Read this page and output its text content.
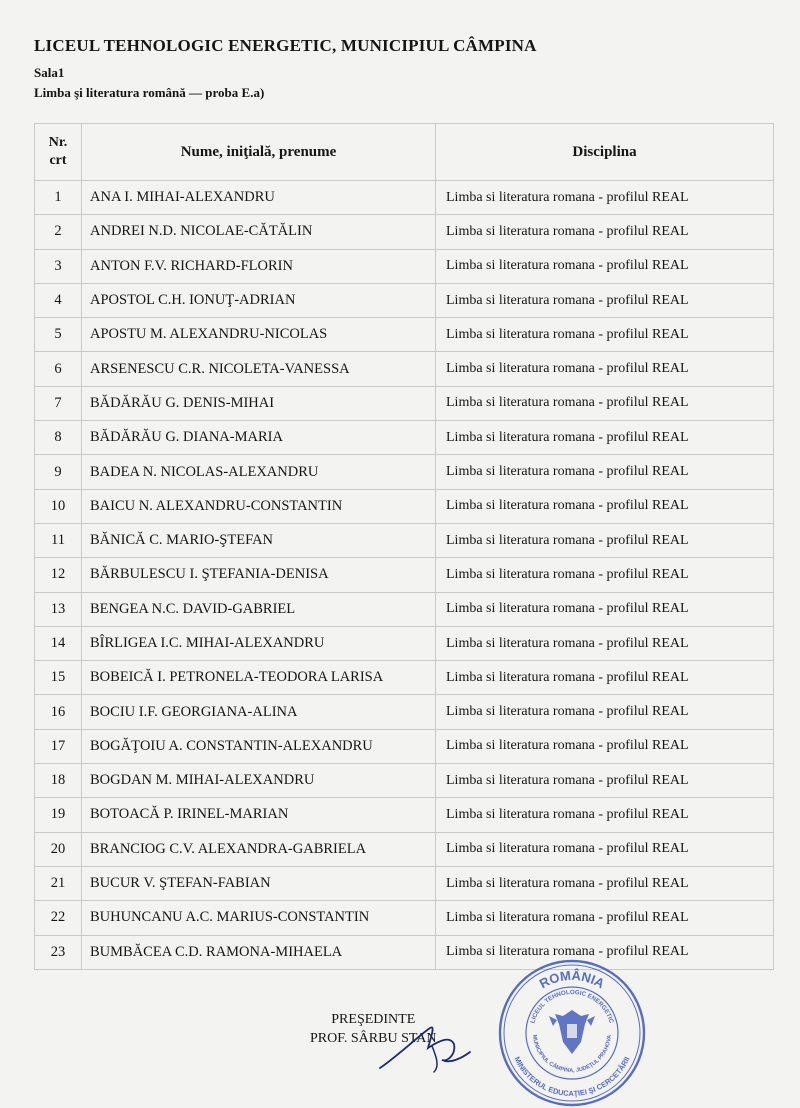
LICEUL TEHNOLOGIC ENERGETIC, MUNICIPIUL CÂMPINA
Sala1
Limba şi literatura română — proba E.a)
Nr.
crt	Nume, iniţială, prenume	Disciplina
1	ANA I. MIHAI-ALEXANDRU	Limba si literatura romana - profilul REAL
2	ANDREI N.D. NICOLAE-CĂTĂLIN	Limba si literatura romana - profilul REAL
3	ANTON F.V. RICHARD-FLORIN	Limba si literatura romana - profilul REAL
4	APOSTOL C.H. IONUŢ-ADRIAN	Limba si literatura romana - profilul REAL
5	APOSTU M. ALEXANDRU-NICOLAS	Limba si literatura romana - profilul REAL
6	ARSENESCU C.R. NICOLETA-VANESSA	Limba si literatura romana - profilul REAL
7	BĂDĂRĂU G. DENIS-MIHAI	Limba si literatura romana - profilul REAL
8	BĂDĂRĂU G. DIANA-MARIA	Limba si literatura romana - profilul REAL
9	BADEA N. NICOLAS-ALEXANDRU	Limba si literatura romana - profilul REAL
10	BAICU N. ALEXANDRU-CONSTANTIN	Limba si literatura romana - profilul REAL
11	BĂNICĂ C. MARIO-ŞTEFAN	Limba si literatura romana - profilul REAL
12	BĂRBULESCU I. ŞTEFANIA-DENISA	Limba si literatura romana - profilul REAL
13	BENGEA N.C. DAVID-GABRIEL	Limba si literatura romana - profilul REAL
14	BÎRLIGEA I.C. MIHAI-ALEXANDRU	Limba si literatura romana - profilul REAL
15	BOBEICĂ I. PETRONELA-TEODORA LARISA	Limba si literatura romana - profilul REAL
16	BOCIU I.F. GEORGIANA-ALINA	Limba si literatura romana - profilul REAL
17	BOGĂŢOIU A. CONSTANTIN-ALEXANDRU	Limba si literatura romana - profilul REAL
18	BOGDAN M. MIHAI-ALEXANDRU	Limba si literatura romana - profilul REAL
19	BOTOACĂ P. IRINEL-MARIAN	Limba si literatura romana - profilul REAL
20	BRANCIOG C.V. ALEXANDRA-GABRIELA	Limba si literatura romana - profilul REAL
21	BUCUR V. ŞTEFAN-FABIAN	Limba si literatura romana - profilul REAL
22	BUHUNCANU A.C. MARIUS-CONSTANTIN	Limba si literatura romana - profilul REAL
23	BUMBĂCEA C.D. RAMONA-MIHAELA	Limba si literatura romana - profilul REAL
PREŞEDINTE
PROF. SÂRBU STAN
ROMÂNIA
MINISTERUL EDUCAŢIEI ŞI CERCETĂRII
LICEUL TEHNOLOGIC ENERGETIC
MUNICIPIUL CÂMPINA, JUDEŢUL PRAHOVA
